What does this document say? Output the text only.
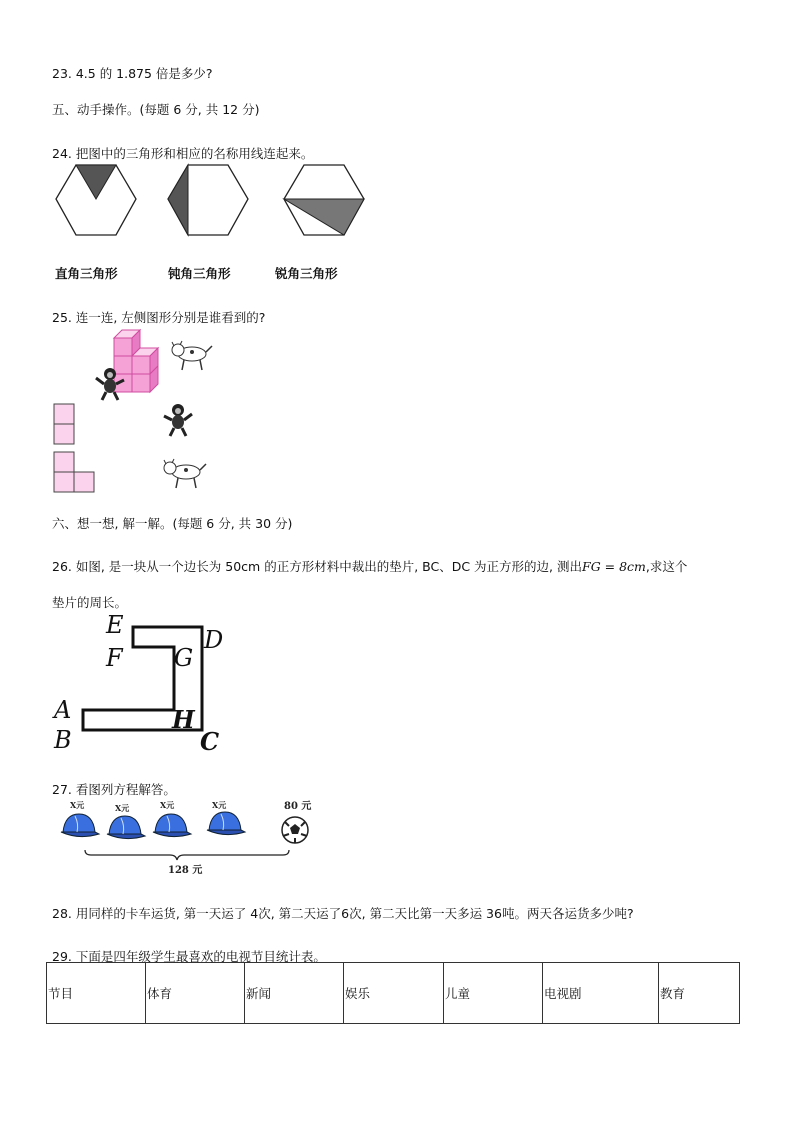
23. 4.5 的 1.875 倍是多少?
五、动手操作。(每题 6 分, 共 12 分)
24. 把图中的三角形和相应的名称用线连起来。
直角三角形	钝角三角形	锐角三角形
25. 连一连, 左侧图形分别是谁看到的?
六、想一想, 解一解。(每题 6 分, 共 30 分)
26. 如图, 是一块从一个边长为 50cm 的正方形材料中裁出的垫片, BC、DC 为正方形的边, 测出FG = 8cm,求这个
垫片的周长。
E
F G
D
A
B
H
C
27. 看图列方程解答。
X元	X元	X元	X元	80 元
128 元
28. 用同样的卡车运货, 第一天运了 4次, 第二天运了6次, 第二天比第一天多运 36吨。两天各运货多少吨?
29. 下面是四年级学生最喜欢的电视节目统计表。
节目	体育	新闻	娱乐	儿童	电视剧	教育
